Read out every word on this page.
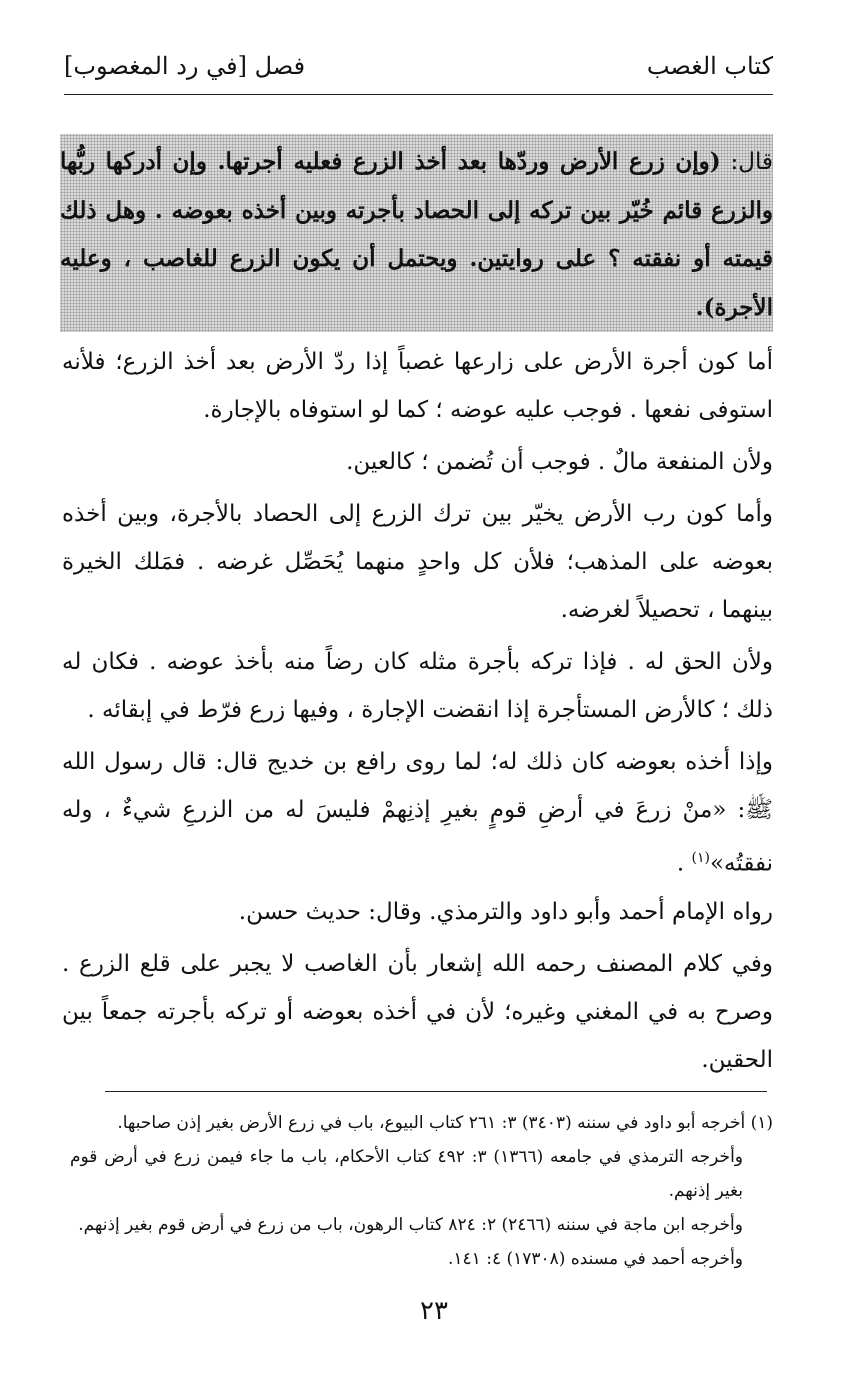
كتاب الغصب
فصل [في رد المغصوب]
قال: (وإن زرع الأرض وردّها بعد أخذ الزرع فعليه أجرتها. وإن أدركها ربُّها والزرع قائم خُيّر بين تركه إلى الحصاد بأجرته وبين أخذه بعوضه . وهل ذلك قيمته أو نفقته ؟ على روايتين. ويحتمل أن يكون الزرع للغاصب ، وعليه الأجرة).

أما كون أجرة الأرض على زارعها غصباً إذا ردّ الأرض بعد أخذ الزرع؛ فلأنه استوفى نفعها . فوجب عليه عوضه ؛ كما لو استوفاه بالإجارة.

ولأن المنفعة مالٌ . فوجب أن تُضمن ؛ كالعين.

وأما كون رب الأرض يخيّر بين ترك الزرع إلى الحصاد بالأجرة، وبين أخذه بعوضه على المذهب؛ فلأن كل واحدٍ منهما يُحَصِّل غرضه . فمَلك الخيرة بينهما ، تحصيلاً لغرضه.

ولأن الحق له . فإذا تركه بأجرة مثله كان رضاً منه بأخذ عوضه . فكان له ذلك ؛ كالأرض المستأجرة إذا انقضت الإجارة ، وفيها زرع فرّط في إبقائه .

وإذا أخذه بعوضه كان ذلك له؛ لما روى رافع بن خديج قال: قال رسول الله ﷺ: «منْ زرعَ في أرضِ قومٍ بغيرِ إذنِهمْ فليسَ له من الزرعِ شيءٌ ، وله نفقتُه»$^{(١)}$ .

رواه الإمام أحمد وأبو داود والترمذي. وقال: حديث حسن.

وفي كلام المصنف رحمه الله إشعار بأن الغاصب لا يجبر على قلع الزرع . وصرح به في المغني وغيره؛ لأن في أخذه بعوضه أو تركه بأجرته جمعاً بين الحقين.

(١) أخرجه أبو داود في سننه (٣٤٠٣) ٣: ٢٦١ كتاب البيوع، باب في زرع الأرض بغير إذن صاحبها.

وأخرجه الترمذي في جامعه (١٣٦٦) ٣: ٤٩٢ كتاب الأحكام، باب ما جاء فيمن زرع في أرض قوم بغير إذنهم.

وأخرجه ابن ماجة في سننه (٢٤٦٦) ٢: ٨٢٤ كتاب الرهون، باب من زرع في أرض قوم بغير إذنهم.

وأخرجه أحمد في مسنده (١٧٣٠٨) ٤: ١٤١.

٢٣
